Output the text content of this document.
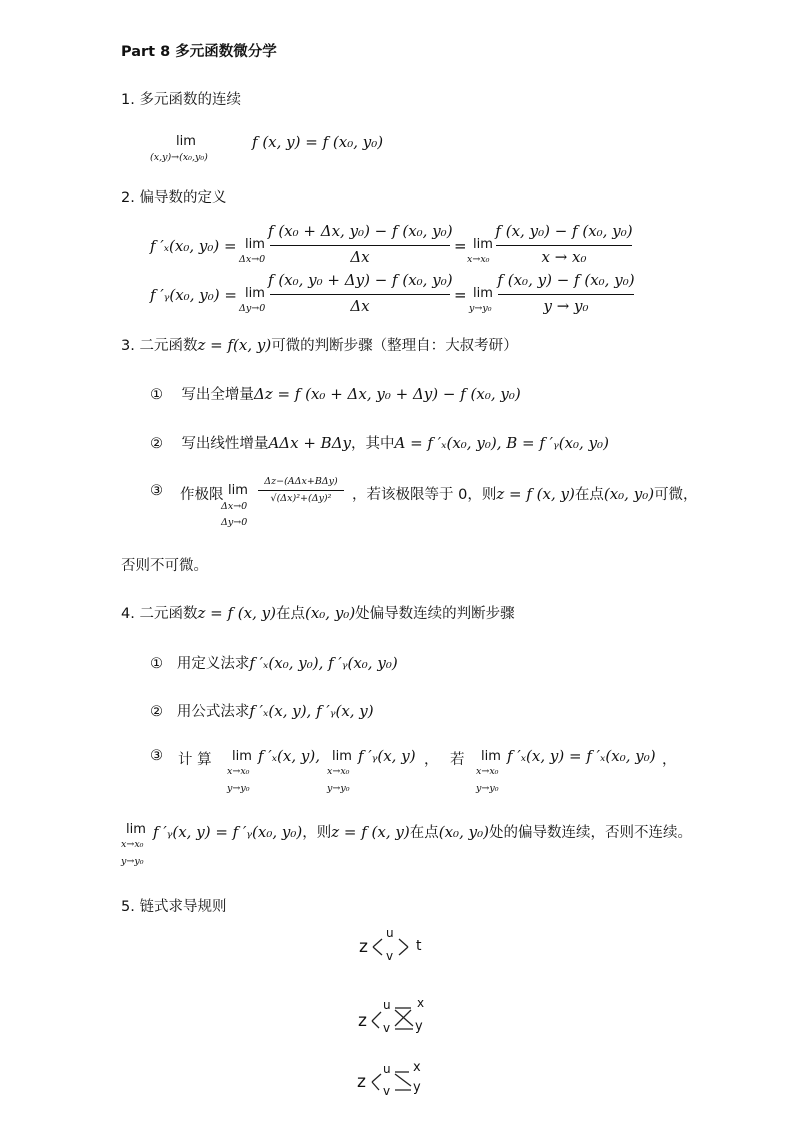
Part 8 多元函数微分学
1. 多元函数的连续
lim
(x,y)→(x₀,y₀)
f (x, y) = f (x₀, y₀)
2. 偏导数的定义
f ′ₓ(x₀, y₀) = lim
Δx→0
f (x₀ + Δx, y₀) − f (x₀, y₀)
Δx
= lim
x→x₀
f (x, y₀) − f (x₀, y₀)
x → x₀
f ′ᵧ(x₀, y₀) = lim
Δy→0
f (x₀, y₀ + Δy) − f (x₀, y₀)
Δx
= lim
y→y₀
f (x₀, y) − f (x₀, y₀)
y → y₀
3. 二元函数z = f(x, y)可微的判断步骤（整理自：大叔考研）
① 写出全增量Δz = f (x₀ + Δx, y₀ + Δy) − f (x₀, y₀)
② 写出线性增量AΔx + BΔy，其中A = f ′ₓ(x₀, y₀), B = f ′ᵧ(x₀, y₀)
③ 作极限 lim
Δx→0
Δy→0
Δz−(AΔx+BΔy)
√(Δx)²+(Δy)²	，若该极限等于 0，则z = f (x, y)在点(x₀, y₀)可微，
否则不可微。
4. 二元函数z = f (x, y)在点(x₀, y₀)处偏导数连续的判断步骤
① 用定义法求f ′ₓ(x₀, y₀), f ′ᵧ(x₀, y₀)
② 用公式法求f ′ₓ(x, y), f ′ᵧ(x, y)
③ 计 算 lim
x→x₀
y→y₀
f ′ₓ(x, y), lim
x→x₀
y→y₀
f ′ᵧ(x, y) ， 若 lim
x→x₀
y→y₀
f ′ₓ(x, y) = f ′ₓ(x₀, y₀) ，
lim
x→x₀
y→y₀
f ′ᵧ(x, y) = f ′ᵧ(x₀, y₀)，则z = f (x, y)在点(x₀, y₀)处的偏导数连续，否则不连续。
5. 链式求导规则
z
u
v
t
z
u
v
x
y
z
u
v
x
y
